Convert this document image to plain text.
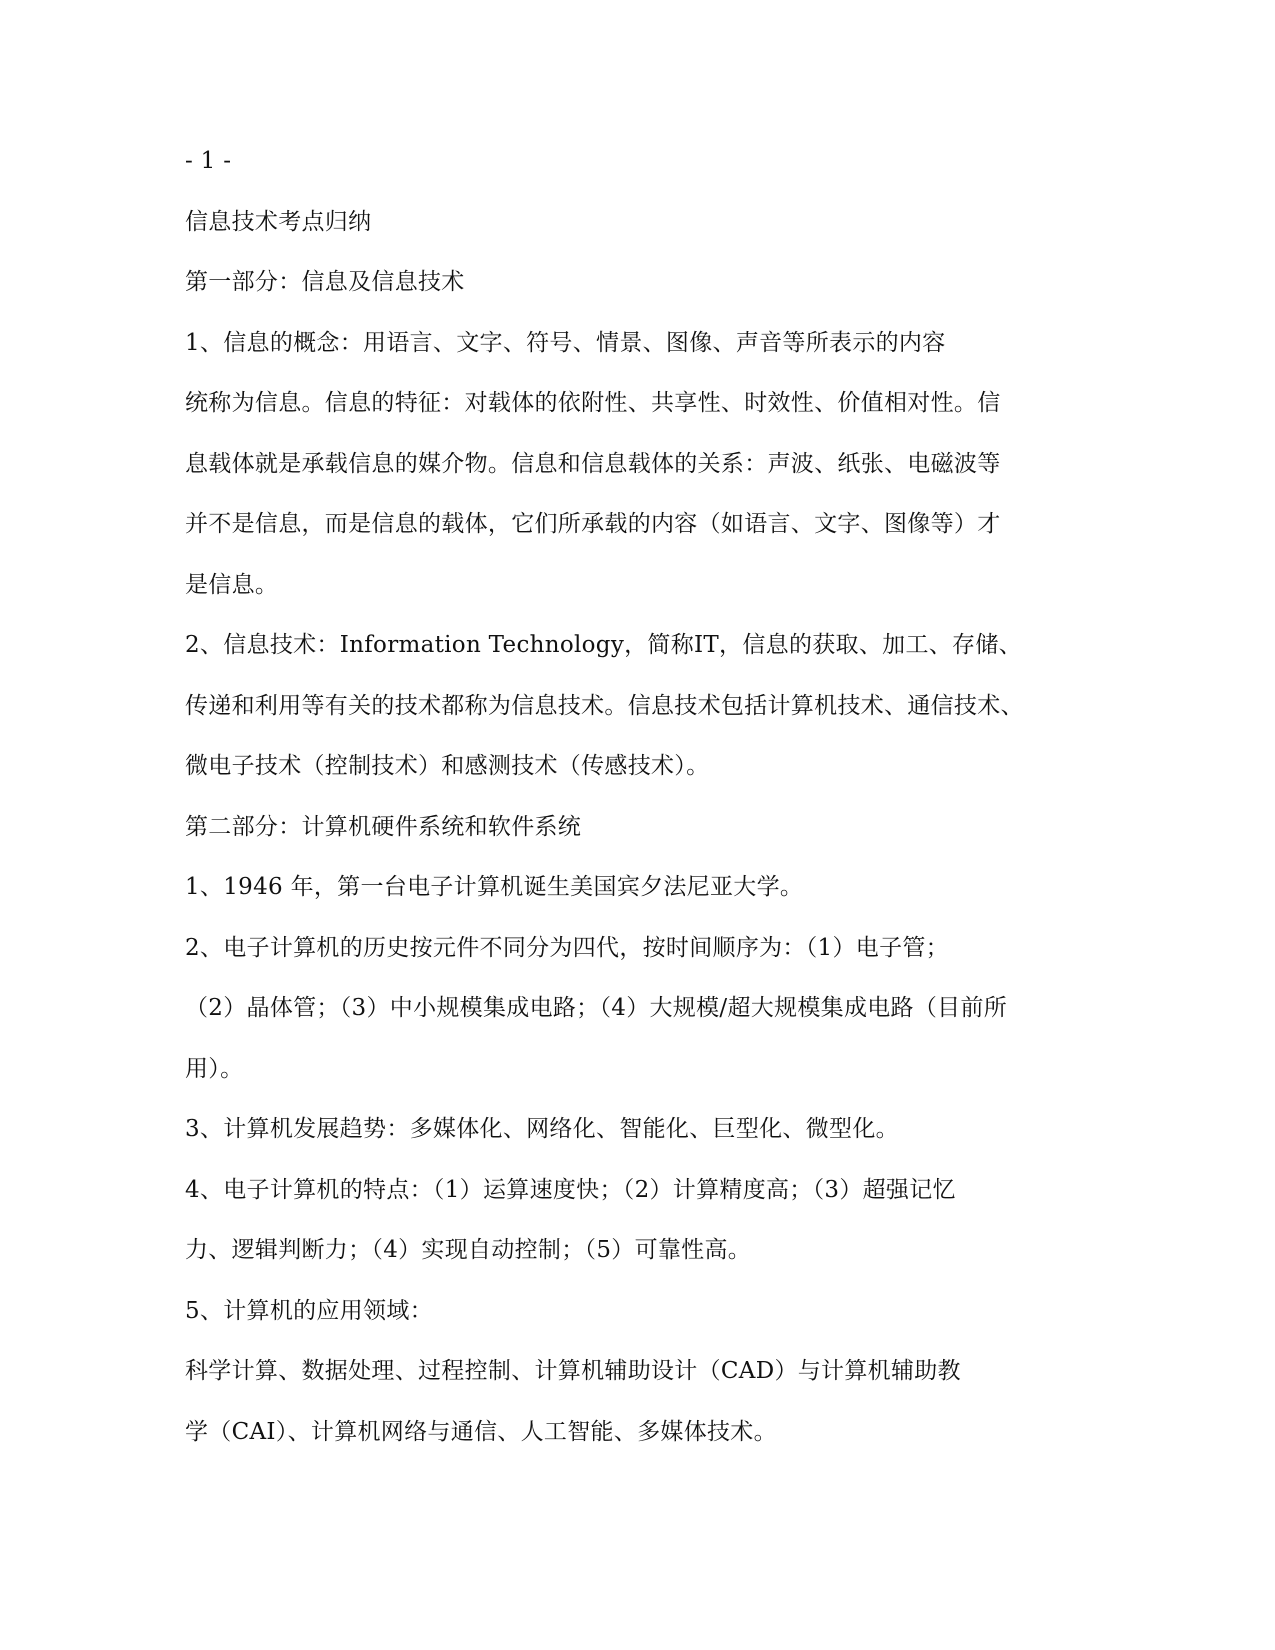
- 1 -
信息技术考点归纳
第一部分：信息及信息技术
1、信息的概念：用语言、文字、符号、情景、图像、声音等所表示的内容
统称为信息。信息的特征：对载体的依附性、共享性、时效性、价值相对性。信
息载体就是承载信息的媒介物。信息和信息载体的关系：声波、纸张、电磁波等
并不是信息，而是信息的载体，它们所承载的内容（如语言、文字、图像等）才
是信息。
2、信息技术：Information Technology，简称IT，信息的获取、加工、存储、
传递和利用等有关的技术都称为信息技术。信息技术包括计算机技术、通信技术、
微电子技术（控制技术）和感测技术（传感技术）。
第二部分：计算机硬件系统和软件系统
1、1946 年，第一台电子计算机诞生美国宾夕法尼亚大学。
2、电子计算机的历史按元件不同分为四代，按时间顺序为：（1）电子管；
（2）晶体管；（3）中小规模集成电路；（4）大规模/超大规模集成电路（目前所
用）。
3、计算机发展趋势：多媒体化、网络化、智能化、巨型化、微型化。
4、电子计算机的特点：（1）运算速度快；（2）计算精度高；（3）超强记忆
力、逻辑判断力；（4）实现自动控制；（5）可靠性高。
5、计算机的应用领域：
科学计算、数据处理、过程控制、计算机辅助设计（CAD）与计算机辅助教
学（CAI）、计算机网络与通信、人工智能、多媒体技术。
